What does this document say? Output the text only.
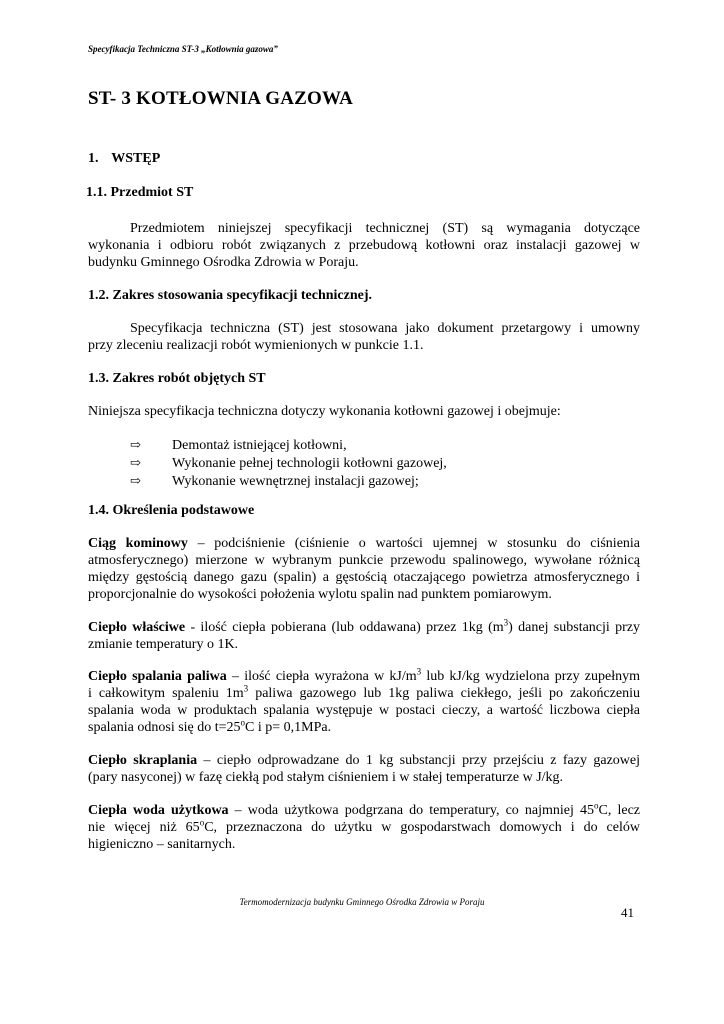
Specyfikacja Techniczna ST-3 „Kotłownia gazowa”
ST- 3 KOTŁOWNIA GAZOWA
1. WSTĘP
1.1. Przedmiot ST
Przedmiotem niniejszej specyfikacji technicznej (ST) są wymagania dotyczące
wykonania i odbioru robót związanych z przebudową kotłowni oraz instalacji gazowej w
budynku Gminnego Ośrodka Zdrowia w Poraju.
1.2. Zakres stosowania specyfikacji technicznej.
Specyfikacja techniczna (ST) jest stosowana jako dokument przetargowy i umowny
przy zleceniu realizacji robót wymienionych w punkcie 1.1.
1.3. Zakres robót objętych ST
Niniejsza specyfikacja techniczna dotyczy wykonania kotłowni gazowej i obejmuje:
⇨	Demontaż istniejącej kotłowni,
⇨	Wykonanie pełnej technologii kotłowni gazowej,
⇨	Wykonanie wewnętrznej instalacji gazowej;
1.4. Określenia podstawowe
Ciąg kominowy – podciśnienie (ciśnienie o wartości ujemnej w stosunku do ciśnienia
atmosferycznego) mierzone w wybranym punkcie przewodu spalinowego, wywołane różnicą
między gęstością danego gazu (spalin) a gęstością otaczającego powietrza atmosferycznego i
proporcjonalnie do wysokości położenia wylotu spalin nad punktem pomiarowym.
Ciepło właściwe - ilość ciepła pobierana (lub oddawana) przez 1kg $(m^3)$ danej substancji przy
zmianie temperatury o 1K.
Ciepło spalania paliwa – ilość ciepła wyrażona w $kJ/m^3$ lub kJ/kg wydzielona przy zupełnym
i całkowitym spaleniu $1m^3$ paliwa gazowego lub 1kg paliwa ciekłego, jeśli po zakończeniu
spalania woda w produktach spalania występuje w postaci cieczy, a wartość liczbowa ciepła
spalania odnosi się do $t=25^oC$ i p= 0,1MPa.
Ciepło skraplania – ciepło odprowadzane do 1 kg substancji przy przejściu z fazy gazowej
(pary nasyconej) w fazę ciekłą pod stałym ciśnieniem i w stałej temperaturze w J/kg.
Ciepła woda użytkowa – woda użytkowa podgrzana do temperatury, co najmniej 45$^o$C, lecz
nie więcej niż 65$^o$C, przeznaczona do użytku w gospodarstwach domowych i do celów
higieniczno – sanitarnych.
Termomodernizacja budynku Gminnego Ośrodka Zdrowia w Poraju
41
